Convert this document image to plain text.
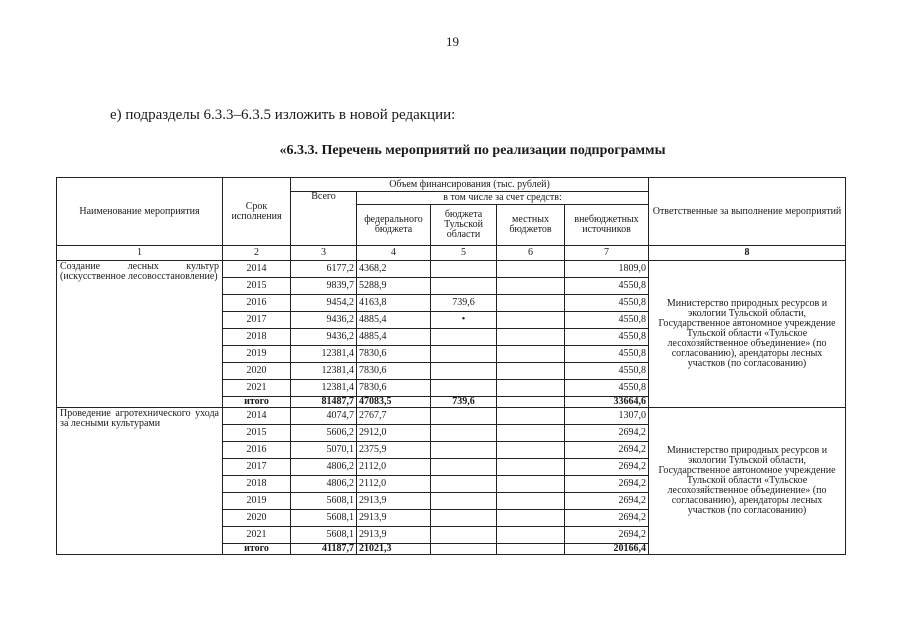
19
е) подразделы 6.3.3–6.3.5 изложить в новой редакции:
«6.3.3. Перечень мероприятий по реализации подпрограммы
Наименование мероприятия	Срок исполнения	Объем финансирования (тыс. рублей)					Ответственные за выполнение мероприятий
		Всего	в том числе за счет средств:				
			федерального бюджета	бюджета Тульской области	местных бюджетов	внебюджетных источников	
1	2	3	4	5	6	7	8
Создание лесных культур (искусственное лесовосстановление)	2014	6177,2	4368,2			1809,0	Министерство природных ресурсов и экологии Тульской области, Государственное автономное учреждение Тульской области «Тульское лесохозяйственное объединение» (по согласованию), арендаторы лесных участков (по согласованию)
	2015	9839,7	5288,9			4550,8	
	2016	9454,2	4163,8	739,6		4550,8	
	2017	9436,2	4885,4	•		4550,8	
	2018	9436,2	4885,4			4550,8	
	2019	12381,4	7830,6			4550,8	
	2020	12381,4	7830,6			4550,8	
	2021	12381,4	7830,6			4550,8	
	итого	81487,7	47083,5	739,6		33664,6	
Проведение агротехнического ухода за лесными культурами	2014	4074,7	2767,7			1307,0	Министерство природных ресурсов и экологии Тульской области, Государственное автономное учреждение Тульской области «Тульское лесохозяйственное объединение» (по согласованию), арендаторы лесных участков (по согласованию)
	2015	5606,2	2912,0			2694,2	
	2016	5070,1	2375,9			2694,2	
	2017	4806,2	2112,0			2694,2	
	2018	4806,2	2112,0			2694,2	
	2019	5608,1	2913,9			2694,2	
	2020	5608,1	2913,9			2694,2	
	2021	5608,1	2913,9			2694,2	
	итого	41187,7	21021,3			20166,4	
